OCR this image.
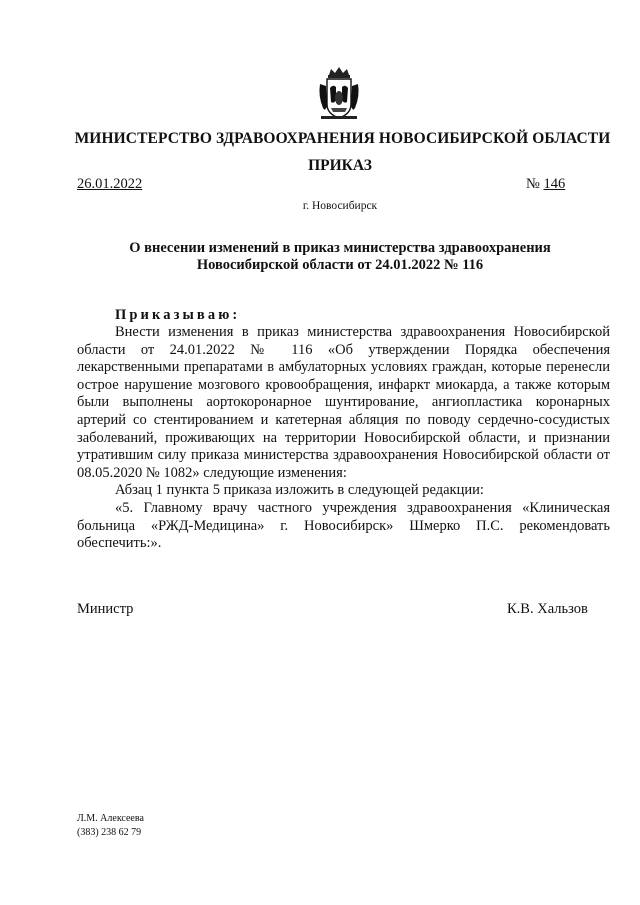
МИНИСТЕРСТВО ЗДРАВООХРАНЕНИЯ НОВОСИБИРСКОЙ ОБЛАСТИ
ПРИКАЗ
26.01.2022	№ 146
г. Новосибирск
О внесении изменений в приказ министерства здравоохранения
Новосибирской области от 24.01.2022 № 116
Приказываю:

Внести изменения в приказ министерства здравоохранения Новосибирской области от 24.01.2022 № 116 «Об утверждении Порядка обеспечения лекарственными препаратами в амбулаторных условиях граждан, которые перенесли острое нарушение мозгового кровообращения, инфаркт миокарда, а также которым были выполнены аортокоронарное шунтирование, ангиопластика коронарных артерий со стентированием и катетерная абляция по поводу сердечно-сосудистых заболеваний, проживающих на территории Новосибирской области, и признании утратившим силу приказа министерства здравоохранения Новосибирской области от 08.05.2020 № 1082» следующие изменения:

Абзац 1 пункта 5 приказа изложить в следующей редакции:

«5. Главному врачу частного учреждения здравоохранения «Клиническая больница «РЖД-Медицина» г. Новосибирск» Шмерко П.С. рекомендовать обеспечить:».

Министр	К.В. Хальзов
Л.М. Алексеева
(383) 238 62 79
